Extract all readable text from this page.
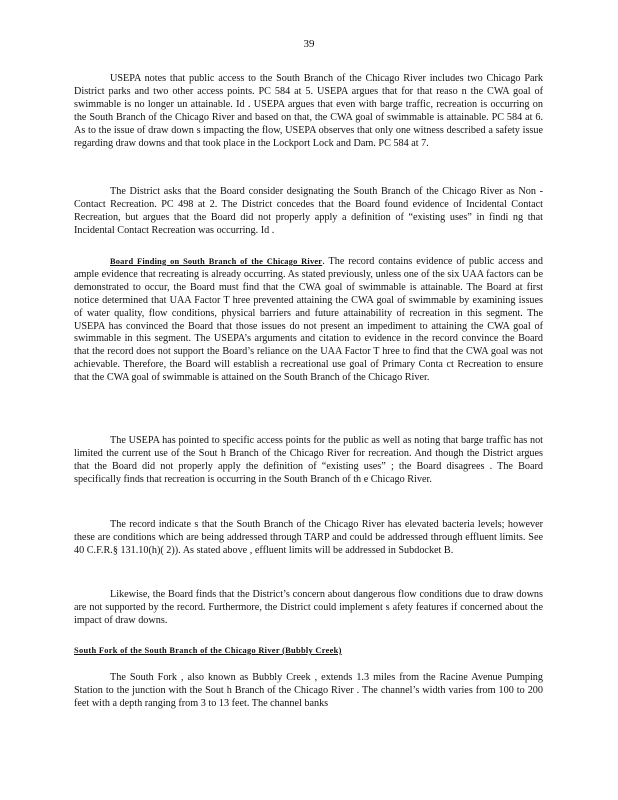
39

USEPA notes that public access to the South Branch of the Chicago River includes two Chicago Park District parks and two other access points. PC 584 at 5. USEPA argues that for that reaso n the CWA goal of swimmable is no longer un attainable. Id . USEPA argues that even with barge traffic, recreation is occurring on the South Branch of the Chicago River and based on that, the CWA goal of swimmable is attainable. PC 584 at 6. As to the issue of draw down s impacting the flow, USEPA observes that only one witness described a safety issue regarding draw downs and that took place in the Lockport Lock and Dam. PC 584 at 7.

The District asks that the Board consider designating the South Branch of the Chicago River as Non -Contact Recreation. PC 498 at 2. The District concedes that the Board found evidence of Incidental Contact Recreation, but argues that the Board did not properly apply a definition of “existing uses” in findi ng that Incidental Contact Recreation was occurring. Id .

Board Finding on South Branch of the Chicago River. The record contains evidence of public access and ample evidence that recreating is already occurring. As stated previously, unless one of the six UAA factors can be demonstrated to occur, the Board must find that the CWA goal of swimmable is attainable. The Board at first notice determined that UAA Factor T hree prevented attaining the CWA goal of swimmable by examining issues of water quality, flow conditions, physical barriers and future attainability of recreation in this segment. The USEPA has convinced the Board that those issues do not present an impediment to attaining the CWA goal of swimmable in this segment. The USEPA’s arguments and citation to evidence in the record convince the Board that the record does not support the Board’s reliance on the UAA Factor T hree to find that the CWA goal was not achievable. Therefore, the Board will establish a recreational use goal of Primary Conta ct Recreation to ensure that the CWA goal of swimmable is attained on the South Branch of the Chicago River.

The USEPA has pointed to specific access points for the public as well as noting that barge traffic has not limited the current use of the Sout h Branch of the Chicago River for recreation. And though the District argues that the Board did not properly apply the definition of “existing uses” ; the Board disagrees . The Board specifically finds that recreation is occurring in the South Branch of th e Chicago River.

The record indicate s that the South Branch of the Chicago River has elevated bacteria levels; however these are conditions which are being addressed through TARP and could be addressed through effluent limits. See 40 C.F.R.§ 131.10(h)( 2)). As stated above , effluent limits will be addressed in Subdocket B.

Likewise, the Board finds that the District’s concern about dangerous flow conditions due to draw downs are not supported by the record. Furthermore, the District could implement s afety features if concerned about the impact of draw downs.

South Fork of the South Branch of the Chicago River (Bubbly Creek)

The South Fork , also known as Bubbly Creek , extends 1.3 miles from the Racine Avenue Pumping Station to the junction with the Sout h Branch of the Chicago River . The channel’s width varies from 100 to 200 feet with a depth ranging from 3 to 13 feet. The channel banks
